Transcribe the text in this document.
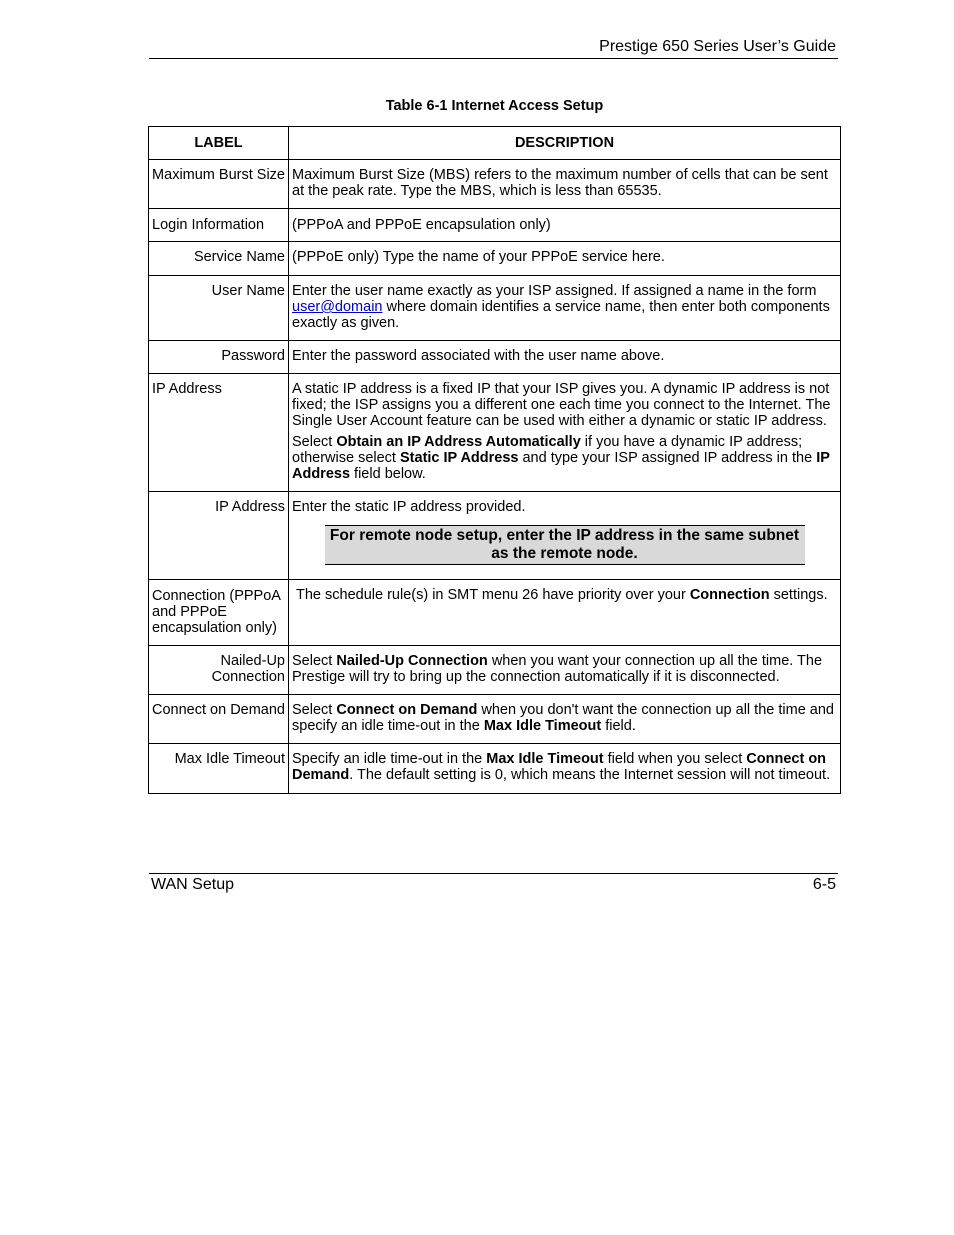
Prestige 650 Series User’s Guide
Table 6-1 Internet Access Setup
LABEL	DESCRIPTION
Maximum Burst Size	Maximum Burst Size (MBS) refers to the maximum number of cells that can be sent at the peak rate. Type the MBS, which is less than 65535.
Login Information	(PPPoA and PPPoE encapsulation only)
Service Name	(PPPoE only) Type the name of your PPPoE service here.
User Name	Enter the user name exactly as your ISP assigned. If assigned a name in the form user@domain where domain identifies a service name, then enter both components exactly as given.
Password	Enter the password associated with the user name above.
IP Address	A static IP address is a fixed IP that your ISP gives you. A dynamic IP address is not fixed; the ISP assigns you a different one each time you connect to the Internet. The Single User Account feature can be used with either a dynamic or static IP address.
Select Obtain an IP Address Automatically if you have a dynamic IP address; otherwise select Static IP Address and type your ISP assigned IP address in the IP Address field below.

IP Address	Enter the static IP address provided.
For remote node setup, enter the IP address in the same subnet as the remote node.

Connection (PPPoA and PPPoE encapsulation only)	The schedule rule(s) in SMT menu 26 have priority over your Connection settings.
Nailed-Up Connection	Select Nailed-Up Connection when you want your connection up all the time. The Prestige will try to bring up the connection automatically if it is disconnected.
Connect on Demand	Select Connect on Demand when you don't want the connection up all the time and specify an idle time-out in the Max Idle Timeout field.
Max Idle Timeout	Specify an idle time-out in the Max Idle Timeout field when you select Connect on Demand. The default setting is 0, which means the Internet session will not timeout.
WAN Setup	6-5
